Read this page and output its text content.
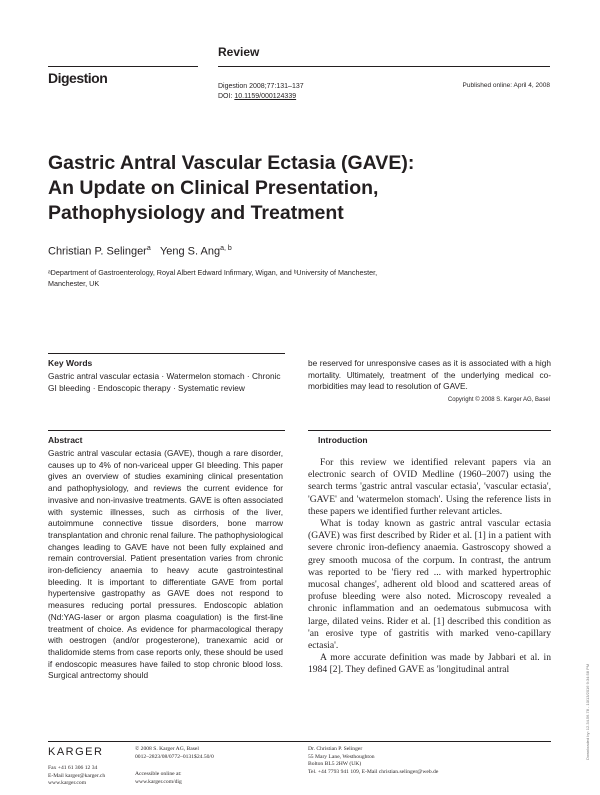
Review
Digestion
Digestion 2008;77:131–137
DOI: 10.1159/000124339
Published online: April 4, 2008
Gastric Antral Vascular Ectasia (GAVE):
An Update on Clinical Presentation,
Pathophysiology and Treatment
Christian P. Selinger$^a$ Yeng S. Ang$^{a, b}$
ᵃDepartment of Gastroenterology, Royal Albert Edward Infirmary, Wigan, and ᵇUniversity of Manchester,
Manchester, UK
Key Words
Gastric antral vascular ectasia · Watermelon stomach · Chronic GI bleeding · Endoscopic therapy · Systematic review
be reserved for unresponsive cases as it is associated with a high mortality. Ultimately, treatment of the underlying medical co-morbidities may lead to resolution of GAVE.
Copyright © 2008 S. Karger AG, Basel
Abstract
Gastric antral vascular ectasia (GAVE), though a rare disorder, causes up to 4% of non-variceal upper GI bleeding. This paper gives an overview of studies examining clinical presentation and pathophysiology, and reviews the current evidence for invasive and non-invasive treatments. GAVE is often associated with systemic illnesses, such as cirrhosis of the liver, autoimmune connective tissue disorders, bone marrow transplantation and chronic renal failure. The pathophysiological changes leading to GAVE have not been fully explained and remain controversial. Patient presentation varies from chronic iron-deficiency anaemia to heavy acute gastrointestinal bleeding. It is important to differentiate GAVE from portal hypertensive gastropathy as GAVE does not respond to measures reducing portal pressures. Endoscopic ablation (Nd:YAG-laser or argon plasma coagulation) is the first-line treatment of choice. As evidence for pharmacological therapy with oestrogen (and/or progesterone), tranexamic acid or thalidomide stems from case reports only, these should be used if endoscopic measures have failed to stop chronic blood loss. Surgical antrectomy should
Introduction

For this review we identified relevant papers via an electronic search of OVID Medline (1960–2007) using the search terms 'gastric antral vascular ectasia', 'vascular ectasia', 'GAVE' and 'watermelon stomach'. Using the reference lists in these papers we identified further relevant articles.

What is today known as gastric antral vascular ectasia (GAVE) was first described by Rider et al. [1] in a patient with severe chronic iron-defiency anaemia. Gastroscopy showed a grey smooth mucosa of the corpum. In contrast, the antrum was reported to be 'fiery red ... with marked hypertrophic mucosal changes', adherent old blood and scattered areas of profuse bleeding were also noted. Microscopy revealed a chronic inflammation and an oedematous submucosa with large, dilated veins. Rider et al. [1] described this condition as 'an erosive type of gastritis with marked veno-capillary ectasia'.

A more accurate definition was made by Jabbari et al. in 1984 [2]. They defined GAVE as 'longitudinal antral

KARGER
Fax +41 61 306 12 34
E-Mail karger@karger.ch
www.karger.com
© 2008 S. Karger AG, Basel
0012–2823/08/0772–0131$24.50/0
Accessible online at:
www.karger.com/dig
Dr. Christian P. Selinger
55 Mary Lane, Westhoughton
Bolton BL5 2HW (UK)
Tel. +44 7793 941 109, E-Mail christian.selinger@web.de
Downloaded by: 12.34.56.78 - 10/13/2016 9:34:58 PM
